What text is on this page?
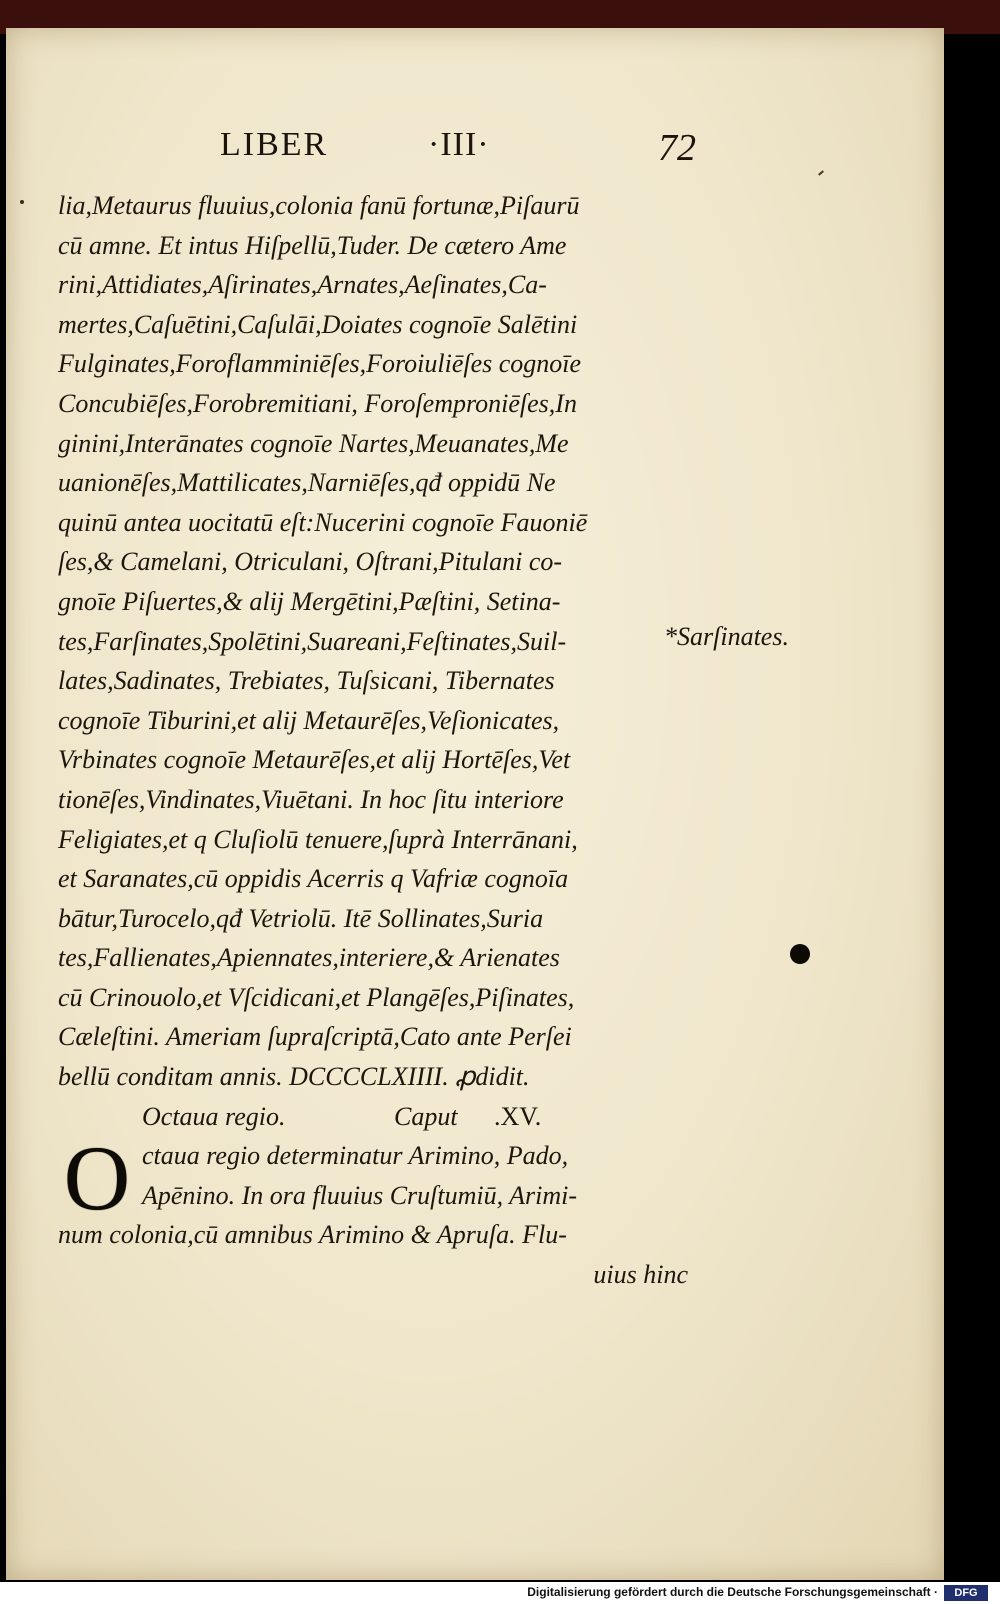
LIBER	·III·	72
lia,Metaurus fluuius,colonia fanū fortunæ,Piſaurū
cū amne. Et intus Hiſpellū,Tuder. De cætero Ame
rini,Attidiates,Aſirinates,Arnates,Aeſinates,Ca-
mertes,Caſuētini,Caſulāi,Doiates cognoīe Salētini
Fulginates,Foroflamminiēſes,Foroiuliēſes cognoīe
Concubiēſes,Forobremitiani, Foroſemproniēſes,In
ginini,Interānates cognoīe Nartes,Meuanates,Me
uanionēſes,Mattilicates,Narniēſes,qđ oppidū Ne
quinū antea uocitatū eſt:Nucerini cognoīe Fauoniē
ſes,& Camelani, Otriculani, Oſtrani,Pitulani co-
gnoīe Piſuertes,& aliј Mergētini,Pæſtini, Setina-
tes,Farſinates,Spolētini,Suareani,Feſtinates,Suil-
lates,Sadinates, Trebiates, Tuſsicani, Tibernates
cognoīe Tiburini,et aliј Metaurēſes,Veſionicates,
Vrbinates cognoīe Metaurēſes,et aliј Hortēſes,Vet
tionēſes,Vindinates,Viuētani. In hoc ſitu interiore
Feligiates,et q Cluſiolū tenuere,ſuprà Interrānani,
et Saranates,cū oppidis Acerris q Vafriæ cognoīa
bātur,Turocelo,qđ Vetriolū. Itē Sollinates,Suria
tes,Fallienates,Apiennates,interiere,& Arienates
cū Crinouolo,et Vſcidicani,et Plangēſes,Piſinates,
Cæleſtini. Ameriam ſupraſcriptā,Cato ante Perſei
bellū conditam annis. DCCCCLXIIII. ꝓdidit.
Octaua regio.	Caput .XV.
O ctaua regio determinatur Arimino, Pado,
Apēnino. In ora fluuius Cruſtumiū, Arimi-
num colonia,cū amnibus Arimino & Apruſa. Flu-
uius hinc
*Sarſinates.
Digitalisierung gefördert durch die Deutsche Forschungsgemeinschaft ·	DFG
